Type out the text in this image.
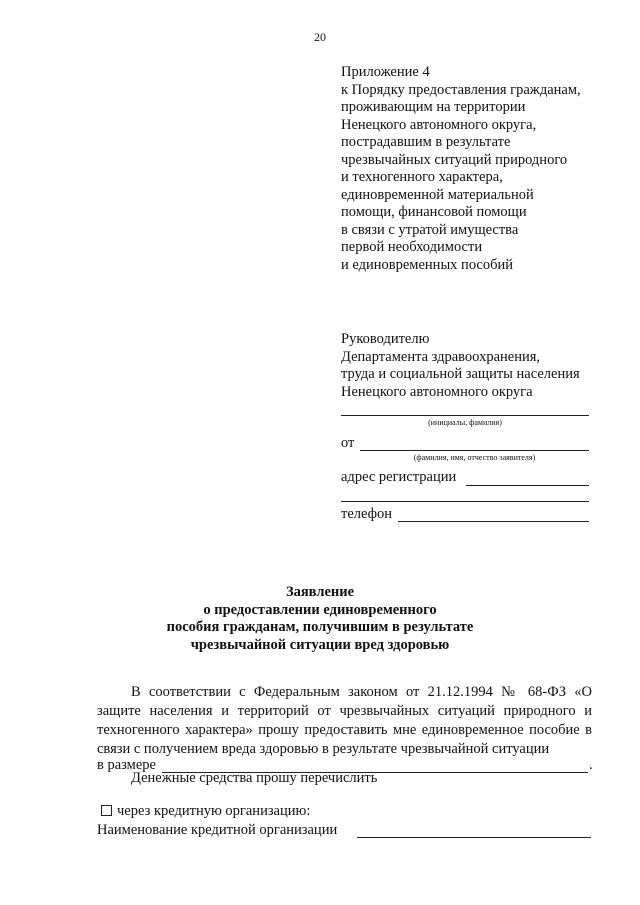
20
Приложение 4
к Порядку предоставления гражданам,
проживающим на территории
Ненецкого автономного округа,
пострадавшим в результате
чрезвычайных ситуаций природного
и техногенного характера,
единовременной материальной
помощи, финансовой помощи
в связи с утратой имущества
первой необходимости
и единовременных пособий
Руководителю
Департамента здравоохранения,
труда и социальной защиты населения
Ненецкого автономного округа
(инициалы, фамилия)
от
(фамилия, имя, отчество заявителя)
адрес регистрации
телефон
Заявление
о предоставлении единовременного
пособия гражданам, получившим в результате
чрезвычайной ситуации вред здоровью
В соответствии с Федеральным законом от 21.12.1994 № 68-ФЗ «О защите населения и территорий от чрезвычайных ситуаций природного и техногенного характера» прошу предоставить мне единовременное пособие в связи с получением вреда здоровью в результате чрезвычайной ситуации
в размере	.
Денежные средства прошу перечислить
через кредитную организацию:
Наименование кредитной организации
